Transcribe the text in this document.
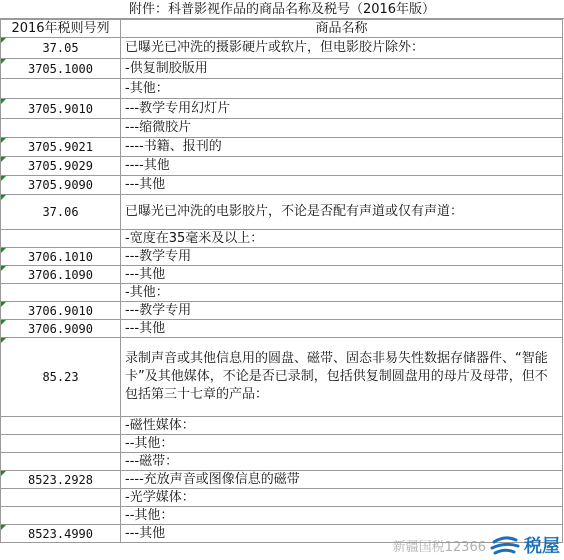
附件：科普影视作品的商品名称及税号（2016年版）
2016年税则号列	商品名称

37.05	已曝光已冲洗的摄影硬片或软片，但电影胶片除外：

3705.1000	-供复制胶版用
	-其他：

3705.9010	---教学专用幻灯片
	---缩微胶片

3705.9021	----书籍、报刊的

3705.9029	----其他

3705.9090	---其他

37.06	已曝光已冲洗的电影胶片，不论是否配有声道或仅有声道：
	-宽度在35毫米及以上：

3706.1010	---教学专用

3706.1090	---其他
	-其他：

3706.9010	---教学专用

3706.9090	---其他

85.23	录制声音或其他信息用的圆盘、磁带、固态非易失性数据存储器件、“智能卡”及其他媒体，不论是否已录制，包括供复制圆盘用的母片及母带，但不包括第三十七章的产品：
	-磁性媒体：
	--其他：
	---磁带：

8523.2928	----充放声音或图像信息的磁带
	-光学媒体：
	--其他：

8523.4990	---其他
新疆国税12366 税屋
